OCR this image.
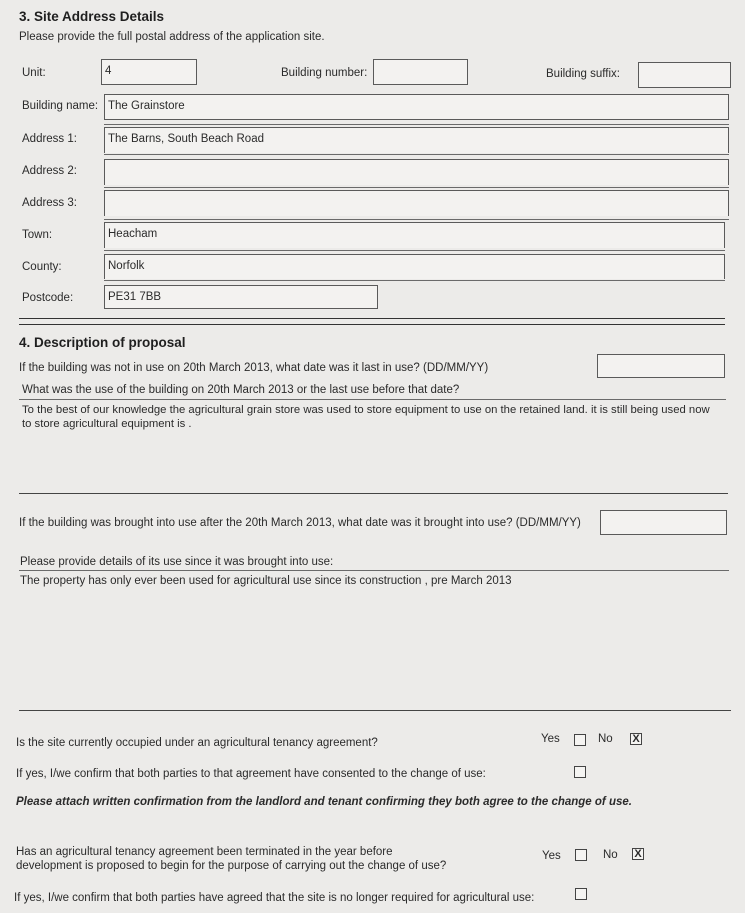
3. Site Address Details
Please provide the full postal address of the application site.
Unit:	4	Building number:	Building suffix:
Building name: The Grainstore
Address 1:	The Barns, South Beach Road
Address 2:
Address 3:
Town:	Heacham
County:	Norfolk
Postcode:	PE31 7BB
4. Description of proposal
If the building was not in use on 20th March 2013, what date was it last in use? (DD/MM/YY)
What was the use of the building on 20th March 2013 or the last use before that date?
To the best of our knowledge the agricultural grain store was used to store equipment to use on the retained land. it is still being used now to store agricultural equipment is .
If the building was brought into use after the 20th March 2013, what date was it brought into use? (DD/MM/YY)
Please provide details of its use since it was brought into use:
The property has only ever been used for agricultural use since its construction , pre March 2013
Is the site currently occupied under an agricultural tenancy agreement?	Yes	No X
If yes, I/we confirm that both parties to that agreement have consented to the change of use:
Please attach written confirmation from the landlord and tenant confirming they both agree to the change of use.
Has an agricultural tenancy agreement been terminated in the year before
development is proposed to begin for the purpose of carrying out the change of use?
Yes	No X
If yes, I/we confirm that both parties have agreed that the site is no longer required for agricultural use:
